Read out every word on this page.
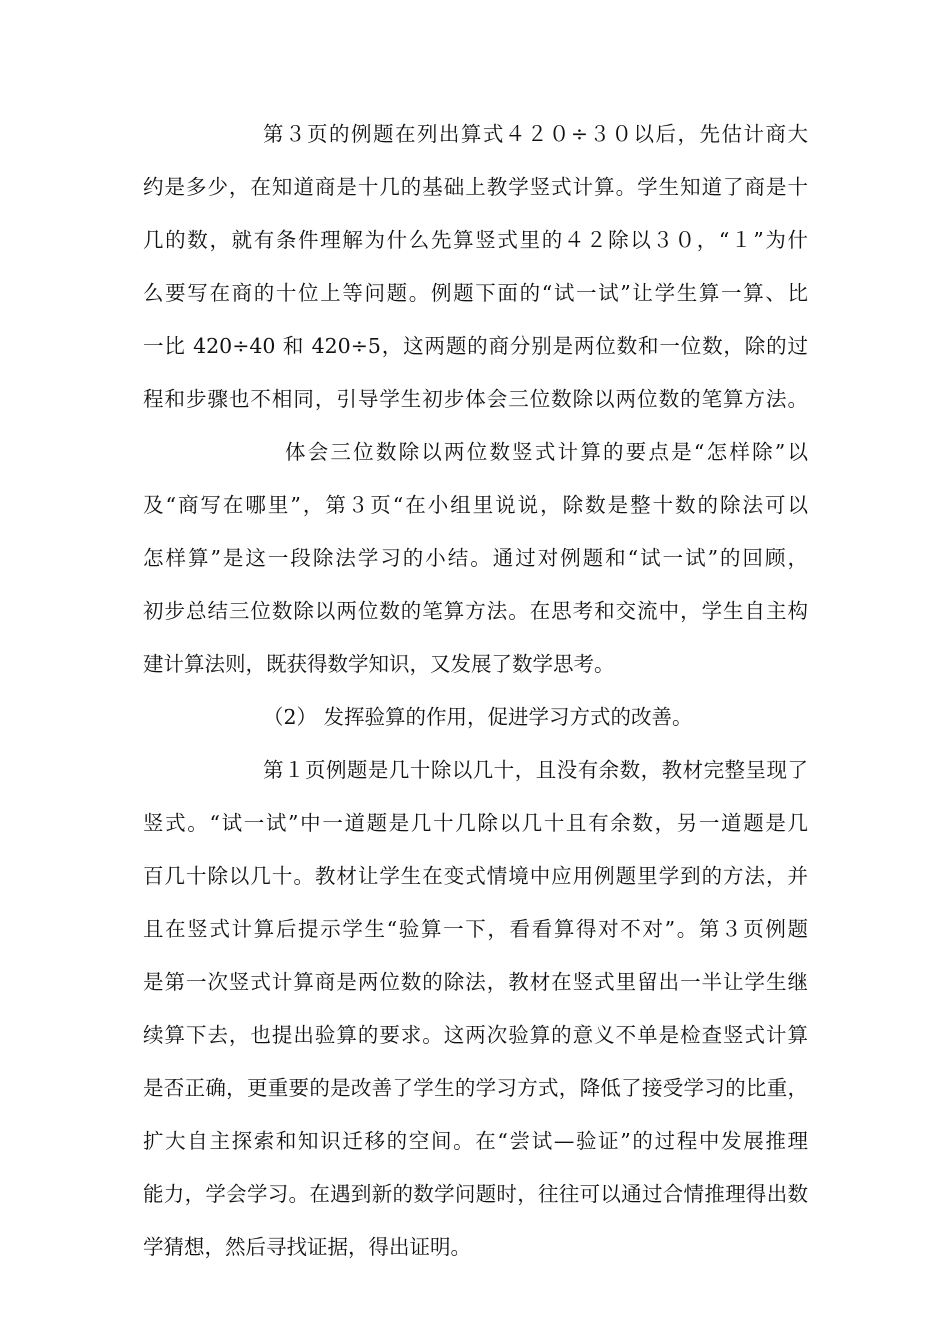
第３页的例题在列出算式４２０÷３０以后，先估计商大
约是多少，在知道商是十几的基础上教学竖式计算。学生知道了商是十
几的数，就有条件理解为什么先算竖式里的４２除以３０，“１”为什
么要写在商的十位上等问题。例题下面的“试一试”让学生算一算、比
一比 420÷40 和 420÷5，这两题的商分别是两位数和一位数，除的过
程和步骤也不相同，引导学生初步体会三位数除以两位数的笔算方法。
体会三位数除以两位数竖式计算的要点是“怎样除”以
及“商写在哪里”，第３页“在小组里说说，除数是整十数的除法可以
怎样算”是这一段除法学习的小结。通过对例题和“试一试”的回顾，
初步总结三位数除以两位数的笔算方法。在思考和交流中，学生自主构
建计算法则，既获得数学知识，又发展了数学思考。
（2） 发挥验算的作用，促进学习方式的改善。
第１页例题是几十除以几十，且没有余数，教材完整呈现了
竖式。“试一试”中一道题是几十几除以几十且有余数，另一道题是几
百几十除以几十。教材让学生在变式情境中应用例题里学到的方法，并
且在竖式计算后提示学生“验算一下，看看算得对不对”。第３页例题
是第一次竖式计算商是两位数的除法，教材在竖式里留出一半让学生继
续算下去，也提出验算的要求。这两次验算的意义不单是检查竖式计算
是否正确，更重要的是改善了学生的学习方式，降低了接受学习的比重，
扩大自主探索和知识迁移的空间。在“尝试—验证”的过程中发展推理
能力，学会学习。在遇到新的数学问题时，往往可以通过合情推理得出数
学猜想，然后寻找证据，得出证明。
